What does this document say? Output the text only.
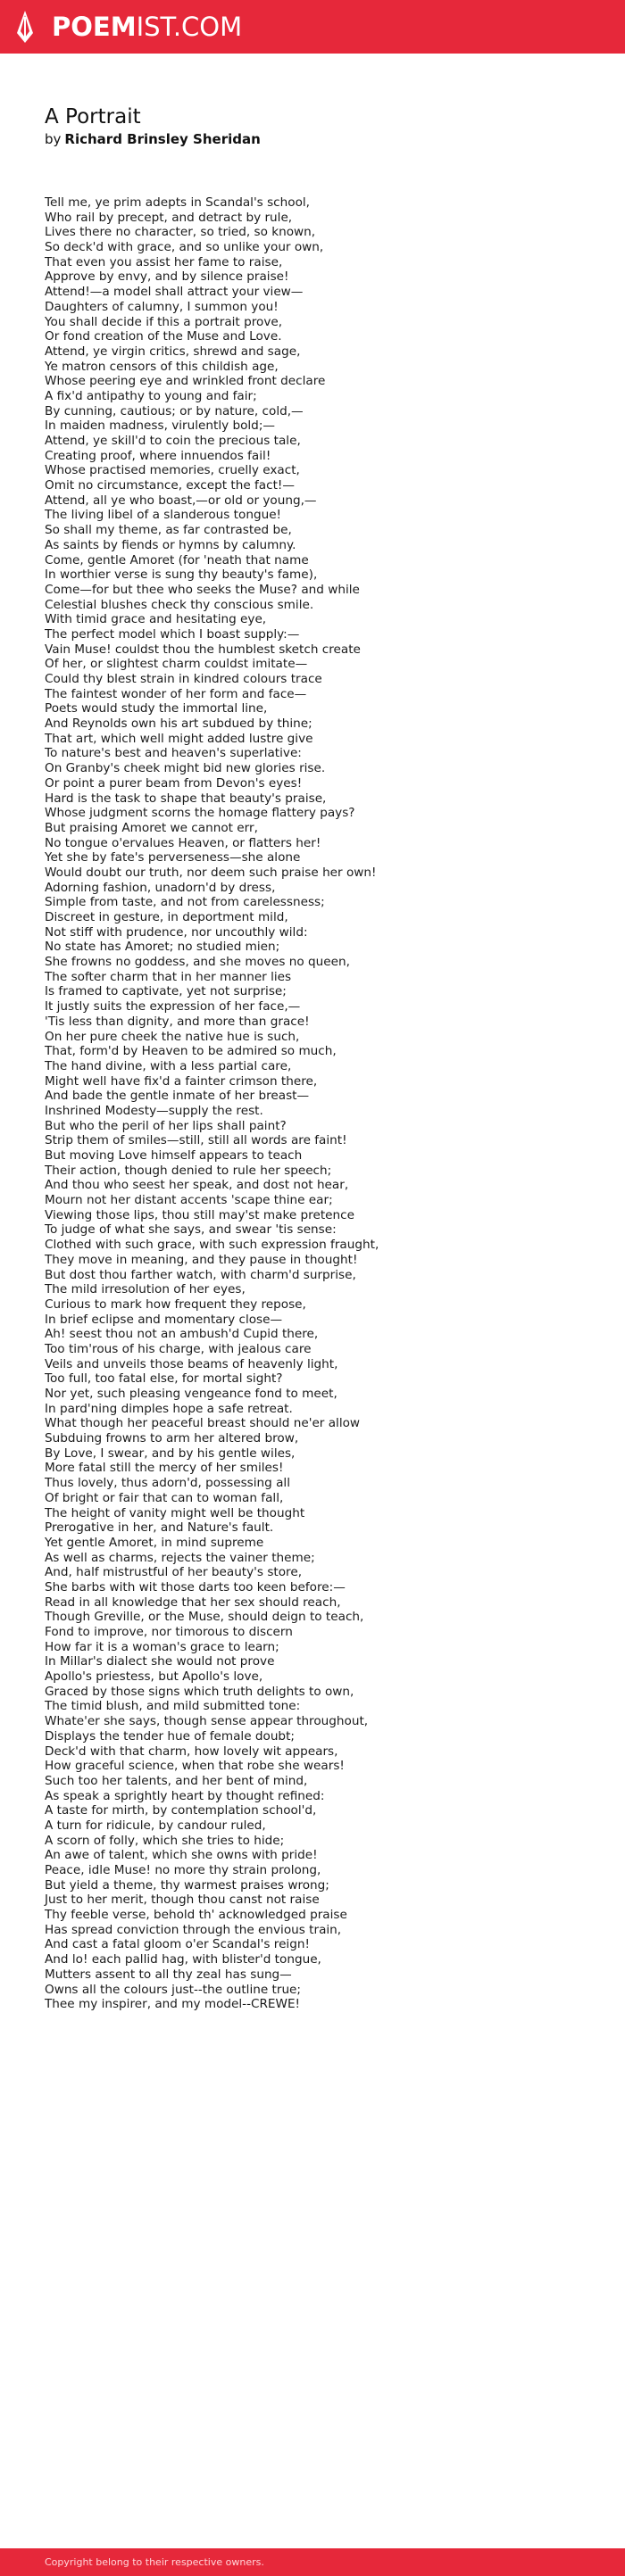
POEMIST.COM
A Portrait
by Richard Brinsley Sheridan
Tell me, ye prim adepts in Scandal's school,
Who rail by precept, and detract by rule,
Lives there no character, so tried, so known,
So deck'd with grace, and so unlike your own,
That even you assist her fame to raise,
Approve by envy, and by silence praise!
Attend!—a model shall attract your view—
Daughters of calumny, I summon you!
You shall decide if this a portrait prove,
Or fond creation of the Muse and Love.
Attend, ye virgin critics, shrewd and sage,
Ye matron censors of this childish age,
Whose peering eye and wrinkled front declare
A fix'd antipathy to young and fair;
By cunning, cautious; or by nature, cold,—
In maiden madness, virulently bold;—
Attend, ye skill'd to coin the precious tale,
Creating proof, where innuendos fail!
Whose practised memories, cruelly exact,
Omit no circumstance, except the fact!—
Attend, all ye who boast,—or old or young,—
The living libel of a slanderous tongue!
So shall my theme, as far contrasted be,
As saints by fiends or hymns by calumny.
Come, gentle Amoret (for 'neath that name
In worthier verse is sung thy beauty's fame),
Come—for but thee who seeks the Muse? and while
Celestial blushes check thy conscious smile.
With timid grace and hesitating eye,
The perfect model which I boast supply:—
Vain Muse! couldst thou the humblest sketch create
Of her, or slightest charm couldst imitate—
Could thy blest strain in kindred colours trace
The faintest wonder of her form and face—
Poets would study the immortal line,
And Reynolds own his art subdued by thine;
That art, which well might added lustre give
To nature's best and heaven's superlative:
On Granby's cheek might bid new glories rise.
Or point a purer beam from Devon's eyes!
Hard is the task to shape that beauty's praise,
Whose judgment scorns the homage flattery pays?
But praising Amoret we cannot err,
No tongue o'ervalues Heaven, or flatters her!
Yet she by fate's perverseness—she alone
Would doubt our truth, nor deem such praise her own!
Adorning fashion, unadorn'd by dress,
Simple from taste, and not from carelessness;
Discreet in gesture, in deportment mild,
Not stiff with prudence, nor uncouthly wild:
No state has Amoret; no studied mien;
She frowns no goddess, and she moves no queen,
The softer charm that in her manner lies
Is framed to captivate, yet not surprise;
It justly suits the expression of her face,—
'Tis less than dignity, and more than grace!
On her pure cheek the native hue is such,
That, form'd by Heaven to be admired so much,
The hand divine, with a less partial care,
Might well have fix'd a fainter crimson there,
And bade the gentle inmate of her breast—
Inshrined Modesty—supply the rest.
But who the peril of her lips shall paint?
Strip them of smiles—still, still all words are faint!
But moving Love himself appears to teach
Their action, though denied to rule her speech;
And thou who seest her speak, and dost not hear,
Mourn not her distant accents 'scape thine ear;
Viewing those lips, thou still may'st make pretence
To judge of what she says, and swear 'tis sense:
Clothed with such grace, with such expression fraught,
They move in meaning, and they pause in thought!
But dost thou farther watch, with charm'd surprise,
The mild irresolution of her eyes,
Curious to mark how frequent they repose,
In brief eclipse and momentary close—
Ah! seest thou not an ambush'd Cupid there,
Too tim'rous of his charge, with jealous care
Veils and unveils those beams of heavenly light,
Too full, too fatal else, for mortal sight?
Nor yet, such pleasing vengeance fond to meet,
In pard'ning dimples hope a safe retreat.
What though her peaceful breast should ne'er allow
Subduing frowns to arm her altered brow,
By Love, I swear, and by his gentle wiles,
More fatal still the mercy of her smiles!
Thus lovely, thus adorn'd, possessing all
Of bright or fair that can to woman fall,
The height of vanity might well be thought
Prerogative in her, and Nature's fault.
Yet gentle Amoret, in mind supreme
As well as charms, rejects the vainer theme;
And, half mistrustful of her beauty's store,
She barbs with wit those darts too keen before:—
Read in all knowledge that her sex should reach,
Though Greville, or the Muse, should deign to teach,
Fond to improve, nor timorous to discern
How far it is a woman's grace to learn;
In Millar's dialect she would not prove
Apollo's priestess, but Apollo's love,
Graced by those signs which truth delights to own,
The timid blush, and mild submitted tone:
Whate'er she says, though sense appear throughout,
Displays the tender hue of female doubt;
Deck'd with that charm, how lovely wit appears,
How graceful science, when that robe she wears!
Such too her talents, and her bent of mind,
As speak a sprightly heart by thought refined:
A taste for mirth, by contemplation school'd,
A turn for ridicule, by candour ruled,
A scorn of folly, which she tries to hide;
An awe of talent, which she owns with pride!
Peace, idle Muse! no more thy strain prolong,
But yield a theme, thy warmest praises wrong;
Just to her merit, though thou canst not raise
Thy feeble verse, behold th' acknowledged praise
Has spread conviction through the envious train,
And cast a fatal gloom o'er Scandal's reign!
And lo! each pallid hag, with blister'd tongue,
Mutters assent to all thy zeal has sung—
Owns all the colours just--the outline true;
Thee my inspirer, and my model--CREWE!
Copyright belong to their respective owners.
